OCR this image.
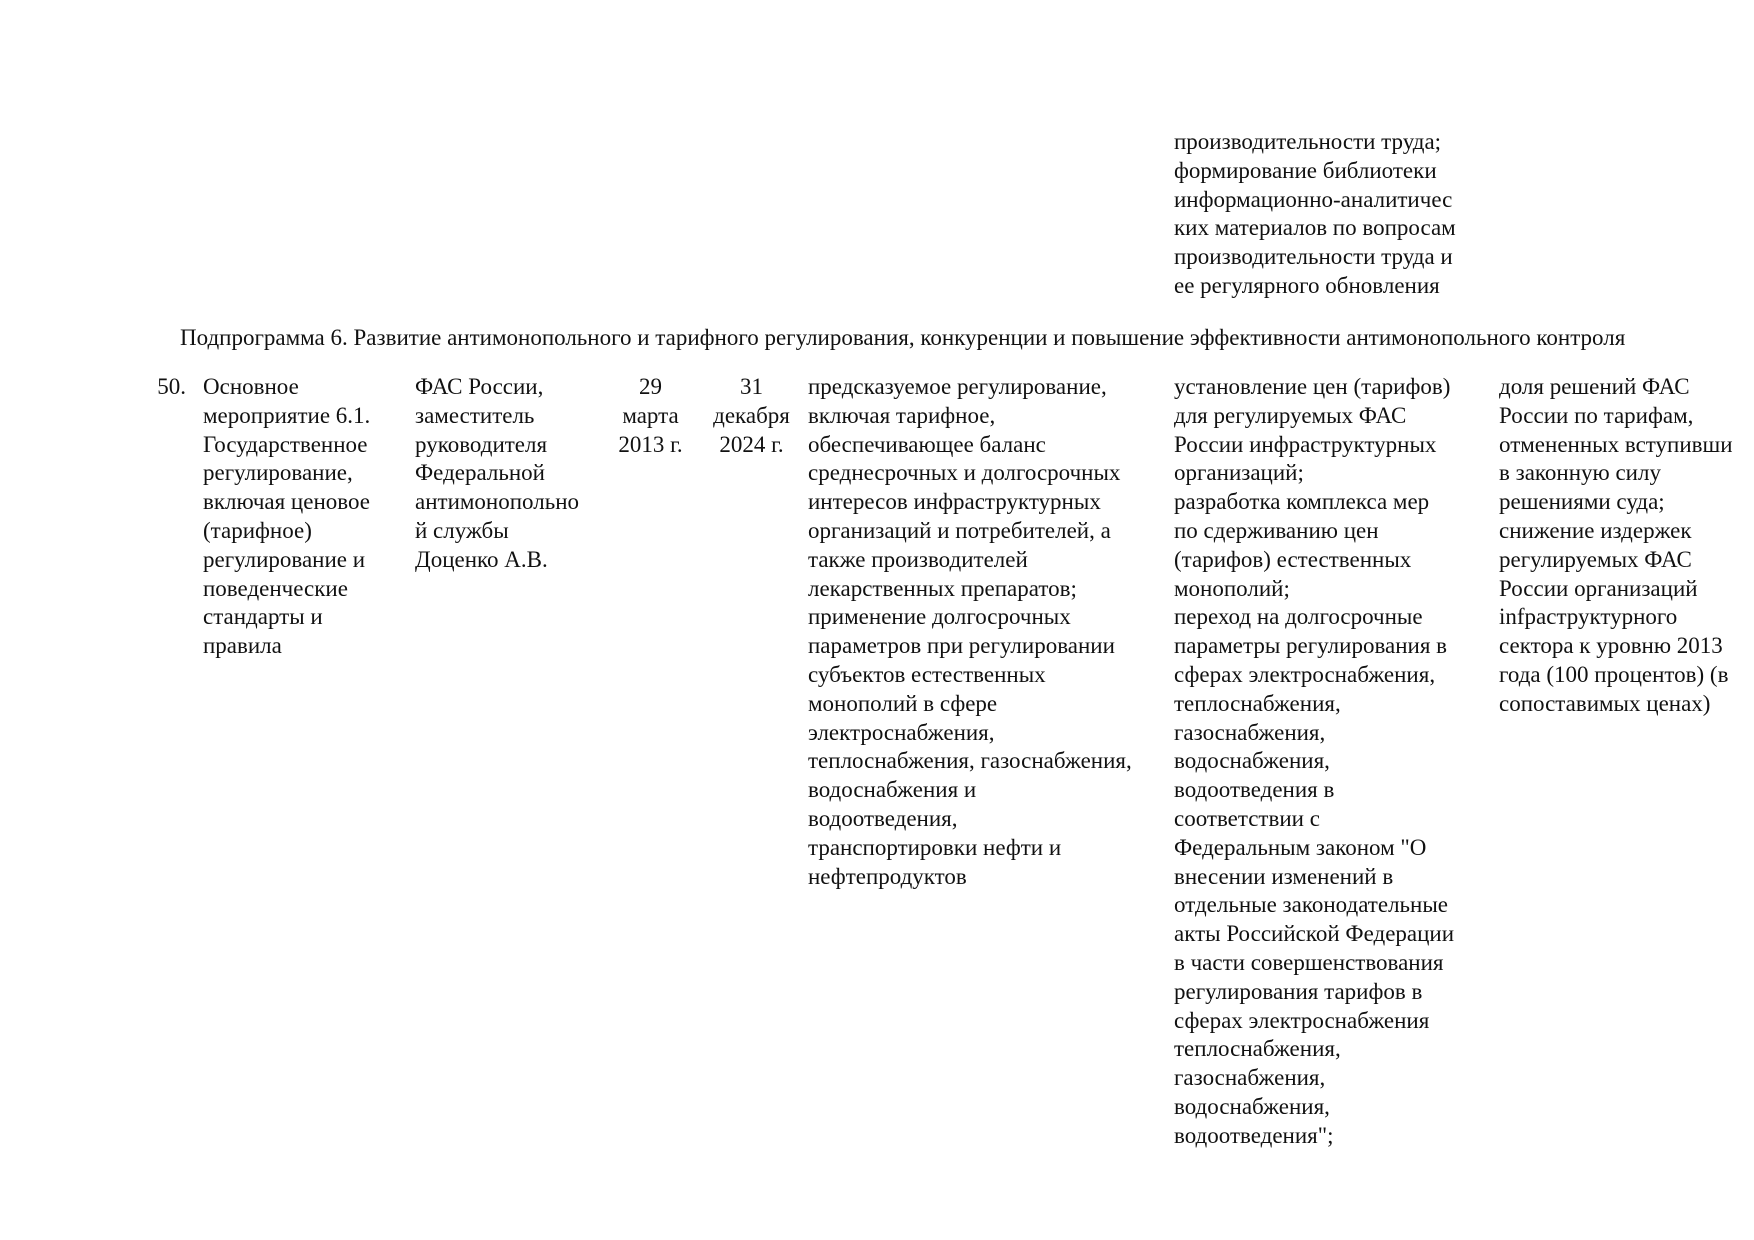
производительности труда;
формирование библиотеки
информационно-аналитичес
ких материалов по вопросам
производительности труда и
ее регулярного обновления
Подпрограмма 6. Развитие антимонопольного и тарифного регулирования, конкуренции и повышение эффективности антимонопольного контроля
50. Основное
мероприятие 6.1.
Государственное
регулирование,
включая ценовое
(тарифное)
регулирование и
поведенческие
стандарты и
правила
ФАС России,
заместитель
руководителя
Федеральной
антимонопольно
й службы
Доценко А.В.
29
марта
2013 г.
31
декабря
2024 г.
предсказуемое регулирование,
включая тарифное,
обеспечивающее баланс
среднесрочных и долгосрочных
интересов инфраструктурных
организаций и потребителей, а
также производителей
лекарственных препаратов;
применение долгосрочных
параметров при регулировании
субъектов естественных
монополий в сфере
электроснабжения,
теплоснабжения, газоснабжения,
водоснабжения и
водоотведения,
транспортировки нефти и
нефтепродуктов
установление цен (тарифов)
для регулируемых ФАС
России инфраструктурных
организаций;
разработка комплекса мер
по сдерживанию цен
(тарифов) естественных
монополий;
переход на долгосрочные
параметры регулирования в
сферах электроснабжения,
теплоснабжения,
газоснабжения,
водоснабжения,
водоотведения в
соответствии с
Федеральным законом "О
внесении изменений в
отдельные законодательные
акты Российской Федерации
в части совершенствования
регулирования тарифов в
сферах электроснабжения
теплоснабжения,
газоснабжения,
водоснабжения,
водоотведения";
доля решений ФАС
России по тарифам,
отмененных вступивши
в законную силу
решениями суда;
снижение издержек
регулируемых ФАС
России организаций
infраструктурного
сектора к уровню 2013
года (100 процентов) (в
сопоставимых ценах)
